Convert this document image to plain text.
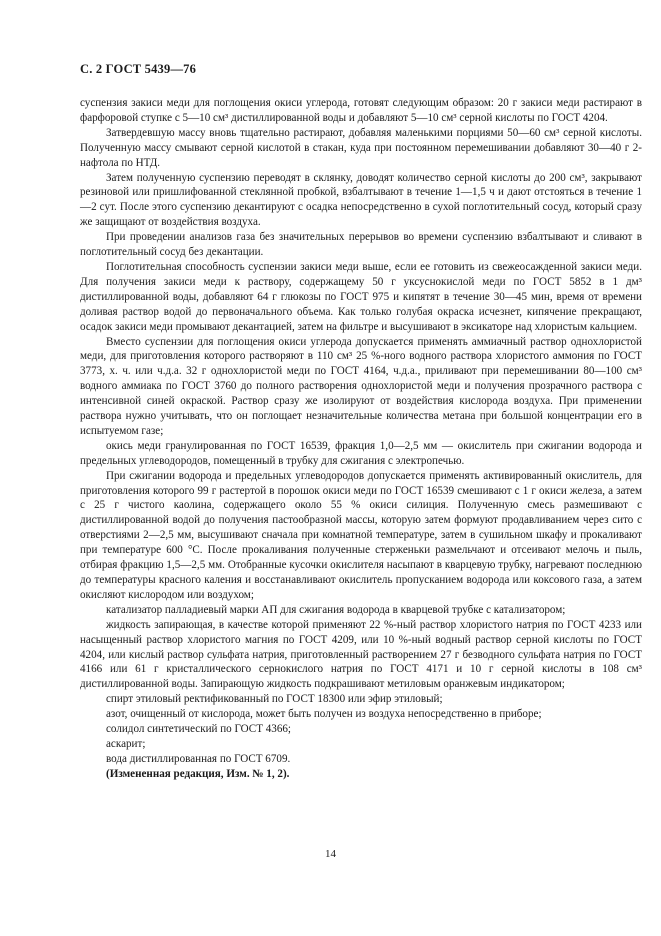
С. 2 ГОСТ 5439—76

суспензия закиси меди для поглощения окиси углерода, готовят следующим образом: 20 г закиси меди растирают в фарфоровой ступке с 5—10 см³ дистиллированной воды и добавляют 5—10 см³ серной кислоты по ГОСТ 4204.

Затвердевшую массу вновь тщательно растирают, добавляя маленькими порциями 50—60 см³ серной кислоты. Полученную массу смывают серной кислотой в стакан, куда при постоянном перемешивании добавляют 30—40 г 2-нафтола по НТД.

Затем полученную суспензию переводят в склянку, доводят количество серной кислоты до 200 см³, закрывают резиновой или пришлифованной стеклянной пробкой, взбалтывают в течение 1—1,5 ч и дают отстояться в течение 1—2 сут. После этого суспензию декантируют с осадка непосредственно в сухой поглотительный сосуд, который сразу же защищают от воздействия воздуха.

При проведении анализов газа без значительных перерывов во времени суспензию взбалтывают и сливают в поглотительный сосуд без декантации.

Поглотительная способность суспензии закиси меди выше, если ее готовить из свежеосажденной закиси меди. Для получения закиси меди к раствору, содержащему 50 г уксуснокислой меди по ГОСТ 5852 в 1 дм³ дистиллированной воды, добавляют 64 г глюкозы по ГОСТ 975 и кипятят в течение 30—45 мин, время от времени доливая раствор водой до первоначального объема. Как только голубая окраска исчезнет, кипячение прекращают, осадок закиси меди промывают декантацией, затем на фильтре и высушивают в эксикаторе над хлористым кальцием.

Вместо суспензии для поглощения окиси углерода допускается применять аммиачный раствор однохлористой меди, для приготовления которого растворяют в 110 см³ 25 %-ного водного раствора хлористого аммония по ГОСТ 3773, х. ч. или ч.д.а. 32 г однохлористой меди по ГОСТ 4164, ч.д.а., приливают при перемешивании 80—100 см³ водного аммиака по ГОСТ 3760 до полного растворения однохлористой меди и получения прозрачного раствора с интенсивной синей окраской. Раствор сразу же изолируют от воздействия кислорода воздуха. При применении раствора нужно учитывать, что он поглощает незначительные количества метана при большой концентрации его в испытуемом газе;

окись меди гранулированная по ГОСТ 16539, фракция 1,0—2,5 мм — окислитель при сжигании водорода и предельных углеводородов, помещенный в трубку для сжигания с электропечью.

При сжигании водорода и предельных углеводородов допускается применять активированный окислитель, для приготовления которого 99 г растертой в порошок окиси меди по ГОСТ 16539 смешивают с 1 г окиси железа, а затем с 25 г чистого каолина, содержащего около 55 % окиси силиция. Полученную смесь размешивают с дистиллированной водой до получения пастообразной массы, которую затем формуют продавливанием через сито с отверстиями 2—2,5 мм, высушивают сначала при комнатной температуре, затем в сушильном шкафу и прокаливают при температуре 600 °С. После прокаливания полученные стерженьки размельчают и отсеивают мелочь и пыль, отбирая фракцию 1,5—2,5 мм. Отобранные кусочки окислителя насыпают в кварцевую трубку, нагревают последнюю до температуры красного каления и восстанавливают окислитель пропусканием водорода или коксового газа, а затем окисляют кислородом или воздухом;

катализатор палладиевый марки АП для сжигания водорода в кварцевой трубке с катализатором;

жидкость запирающая, в качестве которой применяют 22 %-ный раствор хлористого натрия по ГОСТ 4233 или насыщенный раствор хлористого магния по ГОСТ 4209, или 10 %-ный водный раствор серной кислоты по ГОСТ 4204, или кислый раствор сульфата натрия, приготовленный растворением 27 г безводного сульфата натрия по ГОСТ 4166 или 61 г кристаллического сернокислого натрия по ГОСТ 4171 и 10 г серной кислоты в 108 см³ дистиллированной воды. Запирающую жидкость подкрашивают метиловым оранжевым индикатором;

спирт этиловый ректификованный по ГОСТ 18300 или эфир этиловый;

азот, очищенный от кислорода, может быть получен из воздуха непосредственно в приборе;

солидол синтетический по ГОСТ 4366;

аскарит;

вода дистиллированная по ГОСТ 6709.

(Измененная редакция, Изм. № 1, 2).

14
